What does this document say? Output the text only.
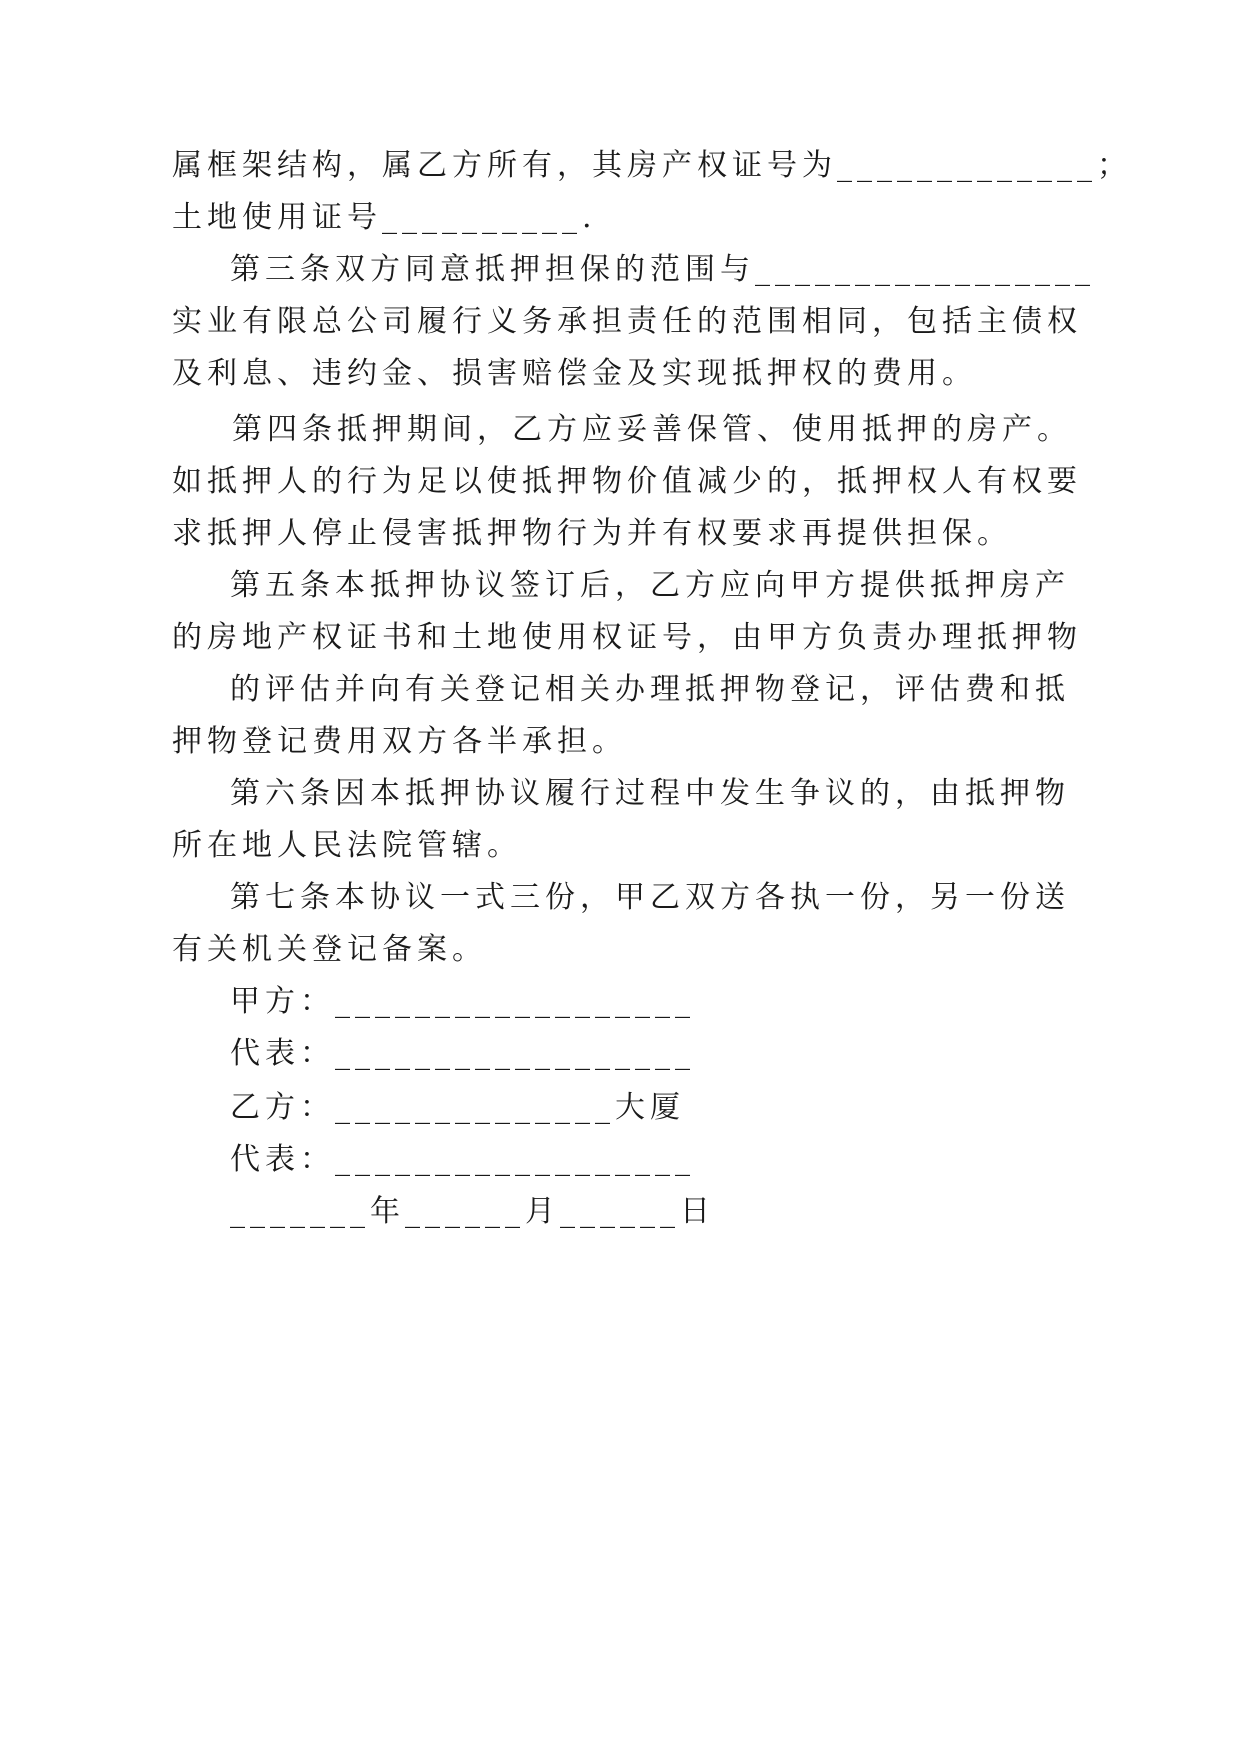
属框架结构，属乙方所有，其房产权证号为_____________；
土地使用证号__________.
第三条双方同意抵押担保的范围与_________________
实业有限总公司履行义务承担责任的范围相同，包括主债权
及利息、违约金、损害赔偿金及实现抵押权的费用。
第四条抵押期间，乙方应妥善保管、使用抵押的房产。
如抵押人的行为足以使抵押物价值减少的，抵押权人有权要
求抵押人停止侵害抵押物行为并有权要求再提供担保。
第五条本抵押协议签订后，乙方应向甲方提供抵押房产
的房地产权证书和土地使用权证号，由甲方负责办理抵押物
的评估并向有关登记相关办理抵押物登记，评估费和抵
押物登记费用双方各半承担。
第六条因本抵押协议履行过程中发生争议的，由抵押物
所在地人民法院管辖。
第七条本协议一式三份，甲乙双方各执一份，另一份送
有关机关登记备案。
甲方：__________________
代表：__________________
乙方：______________大厦
代表：__________________
_______年______月______日
